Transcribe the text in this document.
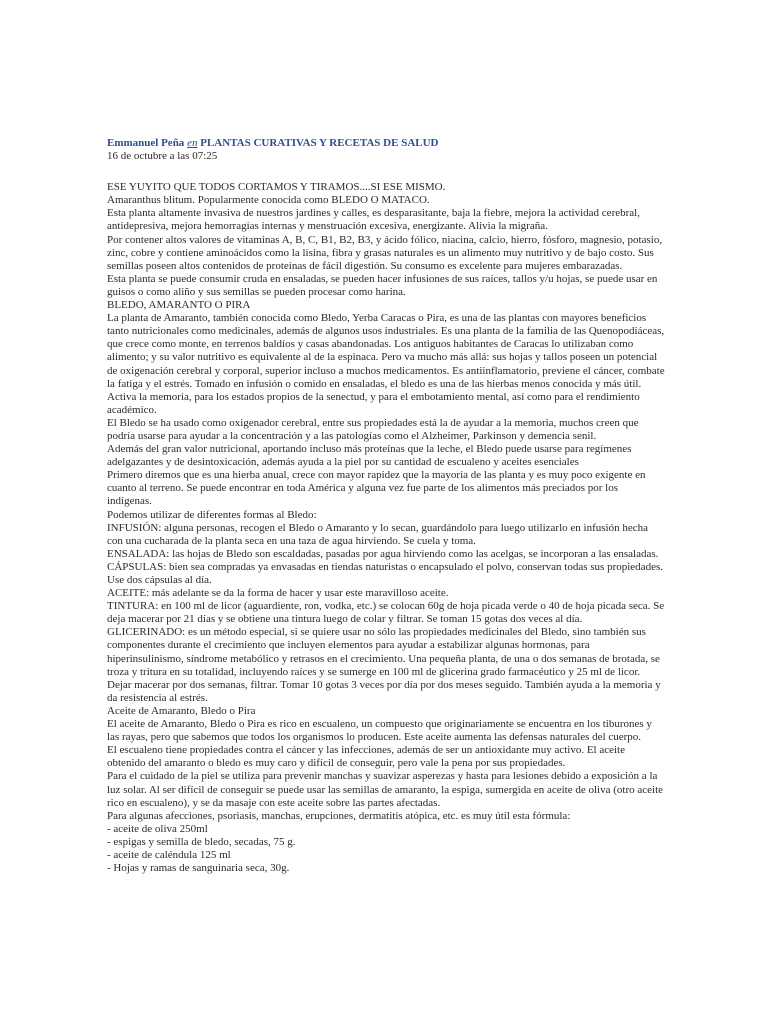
Emmanuel Peña en PLANTAS CURATIVAS Y RECETAS DE SALUD
16 de octubre a las 07:25

ESE YUYITO QUE TODOS CORTAMOS Y TIRAMOS....SI ESE MISMO.

Amaranthus blitum. Popularmente conocida como BLEDO O MATACO.

Esta planta altamente invasiva de nuestros jardines y calles, es desparasitante, baja la fiebre, mejora la actividad cerebral, antidepresiva, mejora hemorragias internas y menstruación excesiva, energizante. Alivia la migraña.

Por contener altos valores de vitaminas A, B, C, B1, B2, B3, y ácido fólico, niacina, calcio, hierro, fósforo, magnesio, potasio, zinc, cobre y contiene aminoácidos como la lisina, fibra y grasas naturales es un alimento muy nutritivo y de bajo costo. Sus semillas poseen altos contenidos de proteínas de fácil digestión. Su consumo es excelente para mujeres embarazadas.

Esta planta se puede consumir cruda en ensaladas, se pueden hacer infusiones de sus raíces, tallos y/u hojas, se puede usar en guisos o como aliño y sus semillas se pueden procesar como harina.

BLEDO, AMARANTO O PIRA

La planta de Amaranto, también conocida como Bledo, Yerba Caracas o Pira, es una de las plantas con mayores beneficios tanto nutricionales como medicinales, además de algunos usos industriales. Es una planta de la familia de las Quenopodiáceas, que crece como monte, en terrenos baldíos y casas abandonadas. Los antiguos habitantes de Caracas lo utilizaban como alimento; y su valor nutritivo es equivalente al de la espinaca. Pero va mucho más allá: sus hojas y tallos poseen un potencial de oxigenación cerebral y corporal, superior incluso a muchos medicamentos. Es antiinflamatorio, previene el cáncer, combate la fatiga y el estrés. Tomado en infusión o comido en ensaladas, el bledo es una de las hierbas menos conocida y más útil. Activa la memoria, para los estados propios de la senectud, y para el embotamiento mental, así como para el rendimiento académico.

El Bledo se ha usado como oxigenador cerebral, entre sus propiedades está la de ayudar a la memoria, muchos creen que podría usarse para ayudar a la concentración y a las patologías como el Alzheimer, Parkinson y demencia senil.

Además del gran valor nutricional, aportando incluso más proteínas que la leche, el Bledo puede usarse para regímenes adelgazantes y de desintoxicación, además ayuda a la piel por su cantidad de escualeno y aceites esenciales

Primero diremos que es una hierba anual, crece con mayor rapidez que la mayoría de las planta y es muy poco exigente en cuanto al terreno. Se puede encontrar en toda América y alguna vez fue parte de los alimentos más preciados por los indígenas.

Podemos utilizar de diferentes formas al Bledo:

INFUSIÓN: alguna personas, recogen el Bledo o Amaranto y lo secan, guardándolo para luego utilizarlo en infusión hecha con una cucharada de la planta seca en una taza de agua hirviendo. Se cuela y toma.

ENSALADA: las hojas de Bledo son escaldadas, pasadas por agua hirviendo como las acelgas, se incorporan a las ensaladas.

CÁPSULAS: bien sea compradas ya envasadas en tiendas naturistas o encapsulado el polvo, conservan todas sus propiedades. Use dos cápsulas al día.

ACEITE: más adelante se da la forma de hacer y usar este maravilloso aceite.

TINTURA: en 100 ml de licor (aguardiente, ron, vodka, etc.) se colocan 60g de hoja picada verde o 40 de hoja picada seca. Se deja macerar por 21 días y se obtiene una tintura luego de colar y filtrar. Se toman 15 gotas dos veces al día.

GLICERINADO: es un método especial, si se quiere usar no sólo las propiedades medicinales del Bledo, sino también sus componentes durante el crecimiento que incluyen elementos para ayudar a estabilizar algunas hormonas, para hiperinsulinismo, síndrome metabólico y retrasos en el crecimiento. Una pequeña planta, de una o dos semanas de brotada, se troza y tritura en su totalidad, incluyendo raíces y se sumerge en 100 ml de glicerina grado farmacéutico y 25 ml de licor. Dejar macerar por dos semanas, filtrar. Tomar 10 gotas 3 veces por día por dos meses seguido. También ayuda a la memoria y da resistencia al estrés.

Aceite de Amaranto, Bledo o Pira

El aceite de Amaranto, Bledo o Pira es rico en escualeno, un compuesto que originariamente se encuentra en los tiburones y las rayas, pero que sabemos que todos los organismos lo producen. Este aceite aumenta las defensas naturales del cuerpo.

El escualeno tiene propiedades contra el cáncer y las infecciones, además de ser un antioxidante muy activo. El aceite obtenido del amaranto o bledo es muy caro y difícil de conseguir, pero vale la pena por sus propiedades.

Para el cuidado de la piel se utiliza para prevenir manchas y suavizar asperezas y hasta para lesiones debido a exposición a la luz solar. Al ser difícil de conseguir se puede usar las semillas de amaranto, la espiga, sumergida en aceite de oliva (otro aceite rico en escualeno), y se da masaje con este aceite sobre las partes afectadas.

Para algunas afecciones, psoriasis, manchas, erupciones, dermatitis atópica, etc. es muy útil esta fórmula:

- aceite de oliva 250ml

- espigas y semilla de bledo, secadas, 75 g.

- aceite de caléndula 125 ml

- Hojas y ramas de sanguinaria seca, 30g.
